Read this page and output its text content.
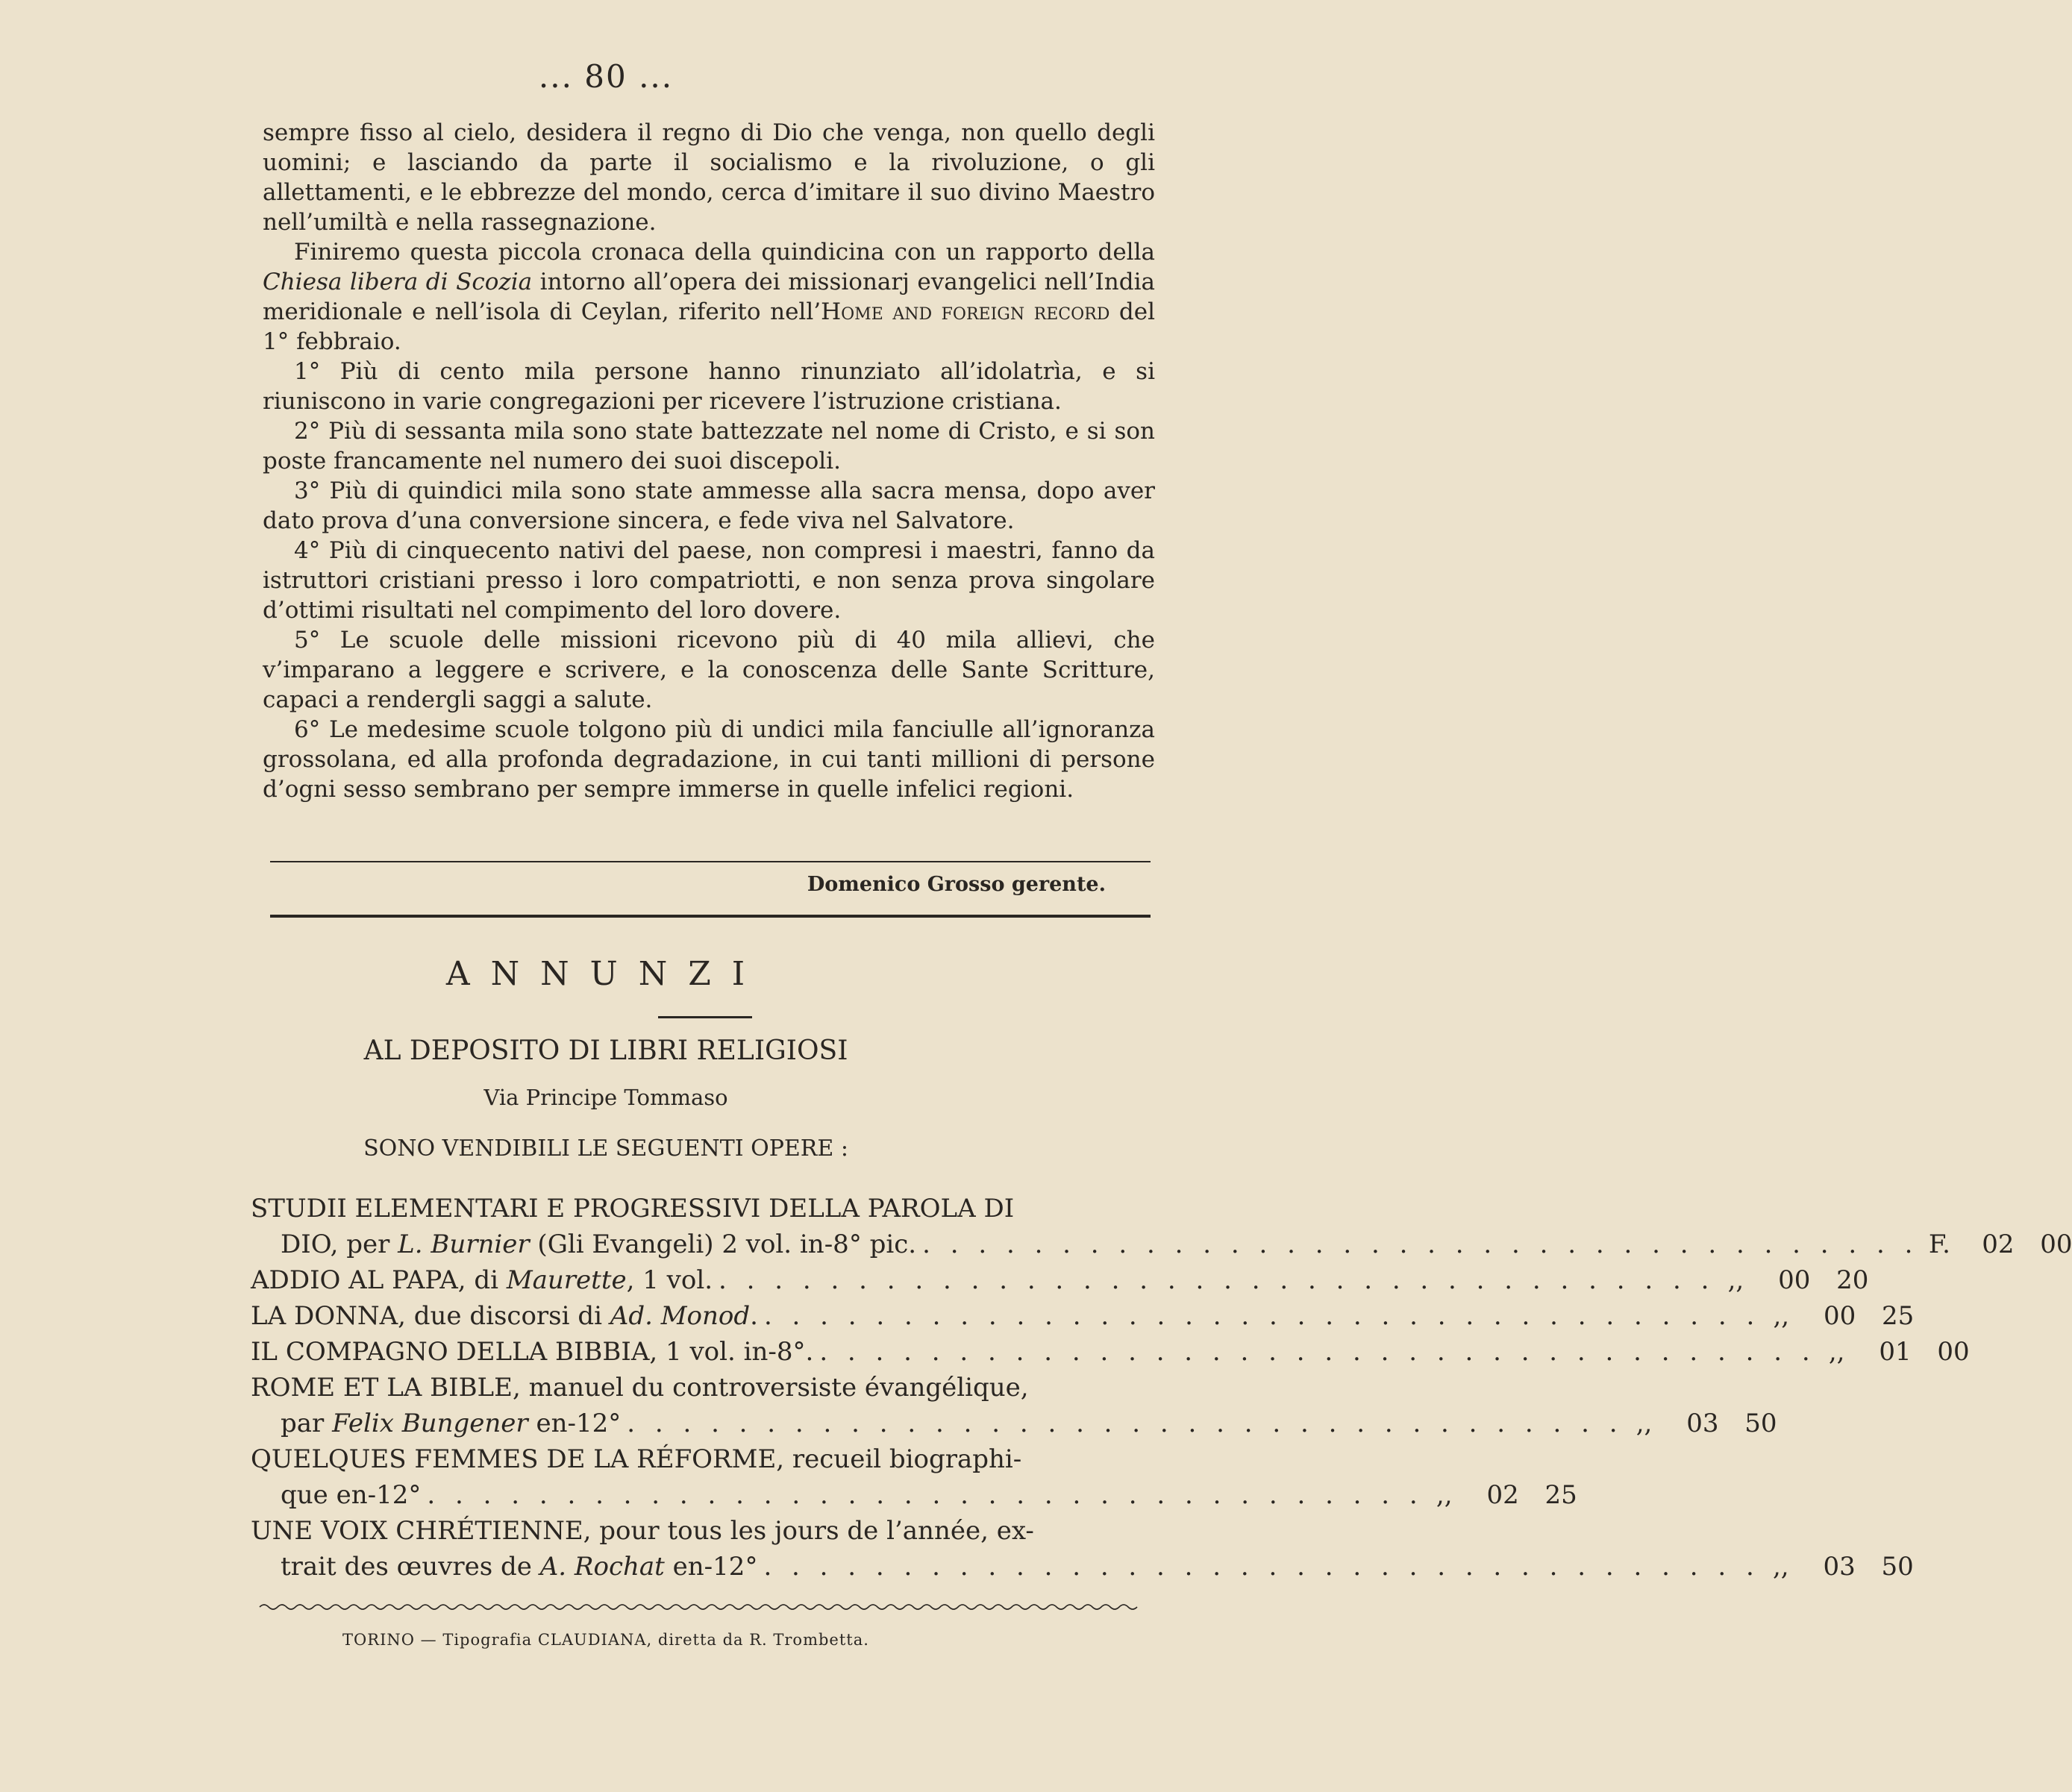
... 80 ...

sempre fisso al cielo, desidera il regno di Dio che venga, non quello degli uomini; e lasciando da parte il socialismo e la rivoluzione, o gli allettamenti, e le ebbrezze del mondo, cerca d’imitare il suo divino Maestro nell’umiltà e nella rassegnazione.

Finiremo questa piccola cronaca della quindicina con un rapporto della Chiesa libera di Scozia intorno all’opera dei missionarj evangelici nell’India meridionale e nell’isola di Ceylan, riferito nell’Home and foreign record del 1° febbraio.

1° Più di cento mila persone hanno rinunziato all’idolatrìa, e si riuniscono in varie congregazioni per ricevere l’istruzione cristiana.

2° Più di sessanta mila sono state battezzate nel nome di Cristo, e si son poste francamente nel numero dei suoi discepoli.

3° Più di quindici mila sono state ammesse alla sacra mensa, dopo aver dato prova d’una conversione sincera, e fede viva nel Salvatore.

4° Più di cinquecento nativi del paese, non compresi i maestri, fanno da istruttori cristiani presso i loro compatriotti, e non senza prova singolare d’ottimi risultati nel compimento del loro dovere.

5° Le scuole delle missioni ricevono più di 40 mila allievi, che v’imparano a leggere e scrivere, e la conoscenza delle Sante Scritture, capaci a rendergli saggi a salute.

6° Le medesime scuole tolgono più di undici mila fanciulle all’ignoranza grossolana, ed alla profonda degradazione, in cui tanti millioni di persone d’ogni sesso sembrano per sempre immerse in quelle infelici regioni.

Domenico Grosso gerente.
ANNUNZI
AL DEPOSITO DI LIBRI RELIGIOSI
Via Principe Tommaso
SONO VENDIBILI LE SEGUENTI OPERE :
STUDII ELEMENTARI E PROGRESSIVI DELLA PAROLA DI
DIO, per L. Burnier (Gli Evangeli) 2 vol. in-8° pic. . . . . . . . . . . . . . . . . . . . . . . . . . . . . . . . . . . . . F.	02	00
ADDIO AL PAPA, di Maurette, 1 vol. . . . . . . . . . . . . . . . . . . . . . . . . . . . . . . . . . . . . ,,	00	20
LA DONNA, due discorsi di Ad. Monod. . . . . . . . . . . . . . . . . . . . . . . . . . . . . . . . . . . . . ,,	00	25
IL COMPAGNO DELLA BIBBIA, 1 vol. in-8°. . . . . . . . . . . . . . . . . . . . . . . . . . . . . . . . . . . . . ,,	01	00
ROME ET LA BIBLE, manuel du controversiste évangélique,
par Felix Bungener en-12° . . . . . . . . . . . . . . . . . . . . . . . . . . . . . . . . . . . . ,,	03	50
QUELQUES FEMMES DE LA RÉFORME, recueil biographi-
que en-12° . . . . . . . . . . . . . . . . . . . . . . . . . . . . . . . . . . . . ,,	02	25
UNE VOIX CHRÉTIENNE, pour tous les jours de l’année, ex-
trait des œuvres de A. Rochat en-12° . . . . . . . . . . . . . . . . . . . . . . . . . . . . . . . . . . . . ,,	03	50
TORINO — Tipografia CLAUDIANA, diretta da R. Trombetta.
